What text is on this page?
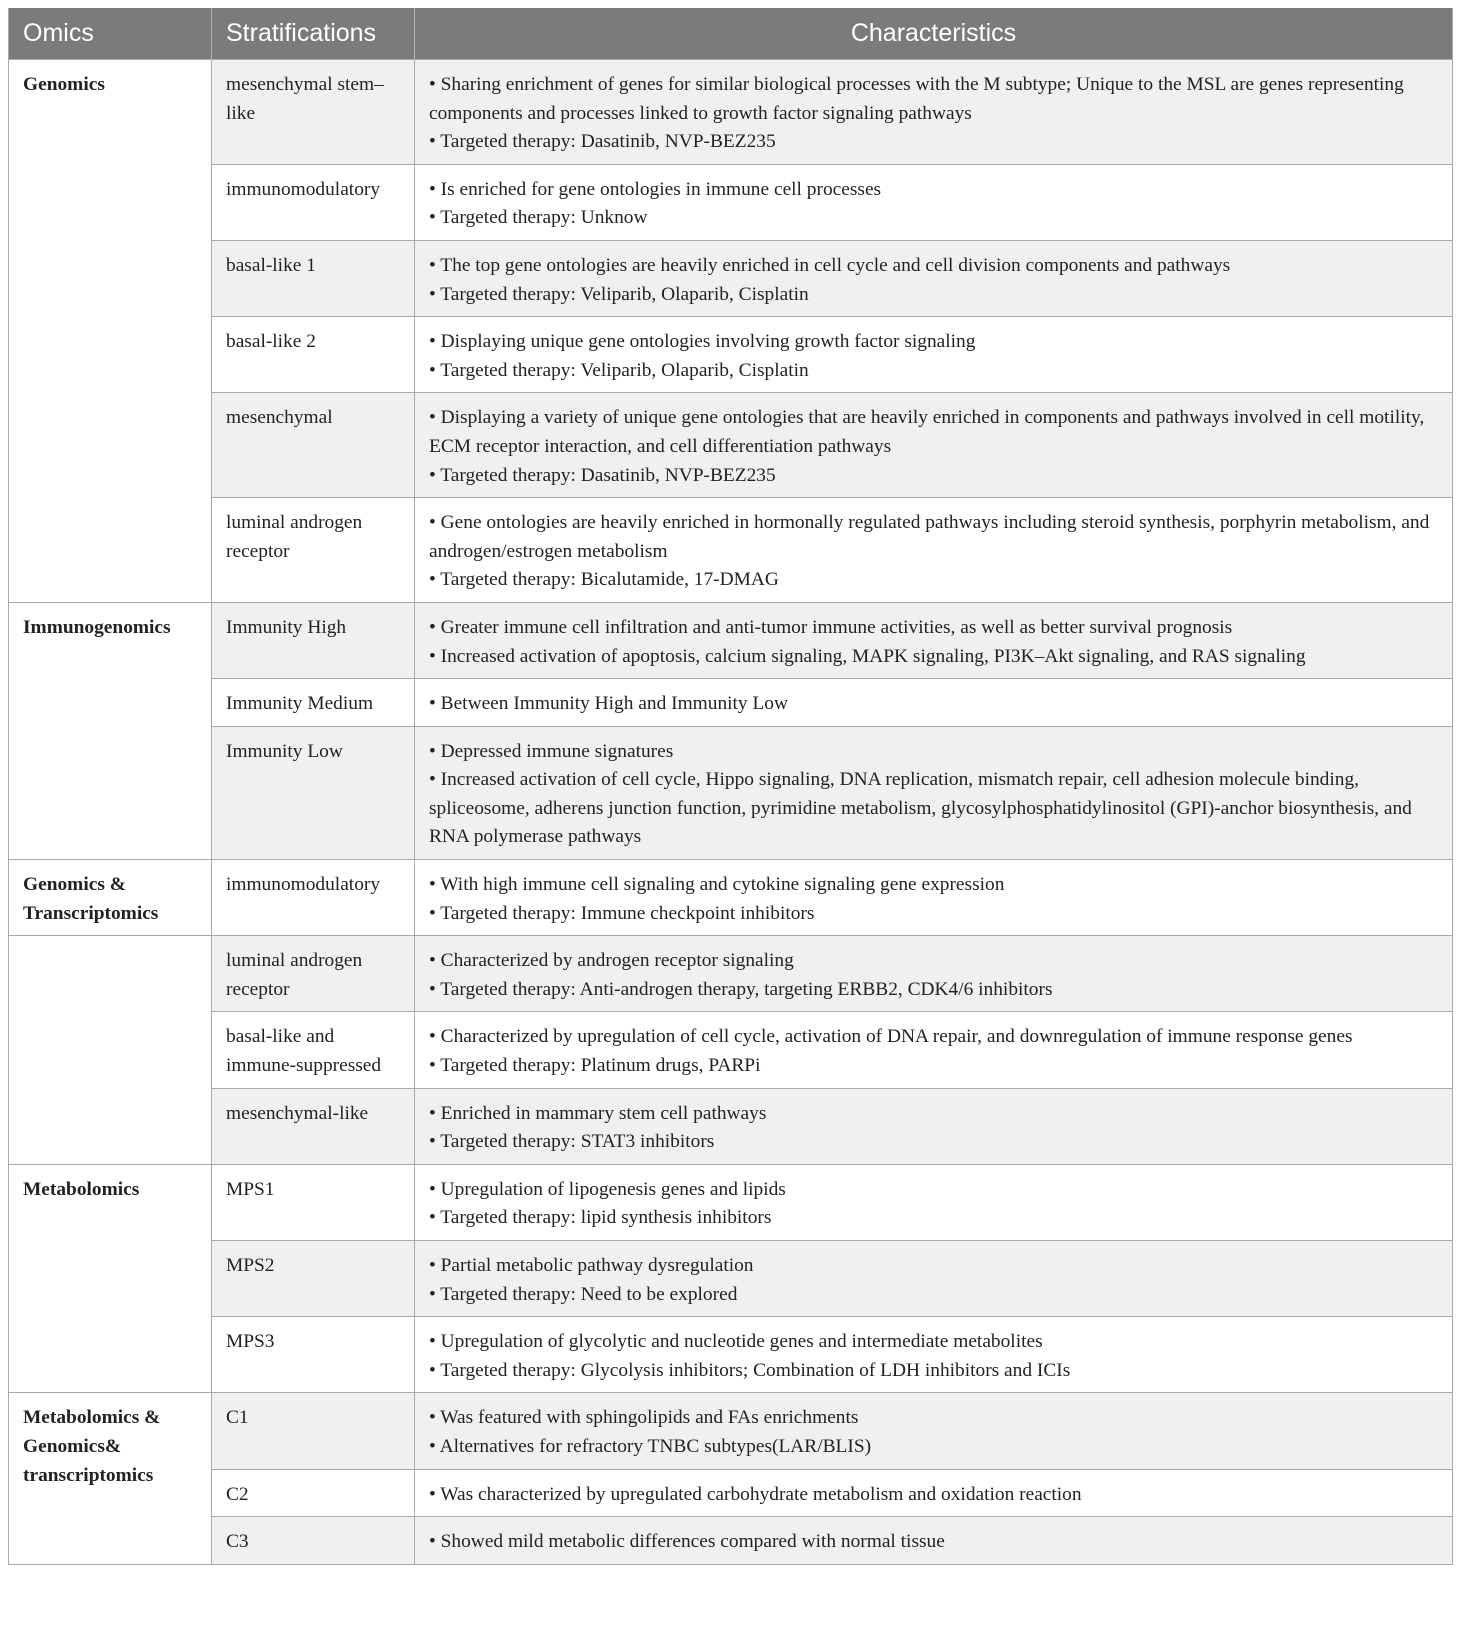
Omics	Stratifications	Characteristics
Genomics	mesenchymal stem–like	• Sharing enrichment of genes for similar biological processes with the M subtype; Unique to the MSL are genes representing components and processes linked to growth factor signaling pathways
• Targeted therapy: Dasatinib, NVP-BEZ235

	immunomodulatory	• Is enriched for gene ontologies in immune cell processes
• Targeted therapy: Unknow

	basal-like 1	• The top gene ontologies are heavily enriched in cell cycle and cell division components and pathways
• Targeted therapy: Veliparib, Olaparib, Cisplatin

	basal-like 2	• Displaying unique gene ontologies involving growth factor signaling
• Targeted therapy: Veliparib, Olaparib, Cisplatin

	mesenchymal	• Displaying a variety of unique gene ontologies that are heavily enriched in components and pathways involved in cell motility, ECM receptor interaction, and cell differentiation pathways
• Targeted therapy: Dasatinib, NVP-BEZ235

	luminal androgen receptor	• Gene ontologies are heavily enriched in hormonally regulated pathways including steroid synthesis, porphyrin metabolism, and androgen/estrogen metabolism
• Targeted therapy: Bicalutamide, 17-DMAG

Immunogenomics	Immunity High	• Greater immune cell infiltration and anti-tumor immune activities, as well as better survival prognosis
• Increased activation of apoptosis, calcium signaling, MAPK signaling, PI3K–Akt signaling, and RAS signaling

	Immunity Medium	• Between Immunity High and Immunity Low

	Immunity Low	• Depressed immune signatures
• Increased activation of cell cycle, Hippo signaling, DNA replication, mismatch repair, cell adhesion molecule binding, spliceosome, adherens junction function, pyrimidine metabolism, glycosylphosphatidylinositol (GPI)-anchor biosynthesis, and RNA polymerase pathways

Genomics & Transcriptomics	immunomodulatory	• With high immune cell signaling and cytokine signaling gene expression
• Targeted therapy: Immune checkpoint inhibitors

	luminal androgen receptor	• Characterized by androgen receptor signaling
• Targeted therapy: Anti-androgen therapy, targeting ERBB2, CDK4/6 inhibitors

	basal-like and immune-suppressed	• Characterized by upregulation of cell cycle, activation of DNA repair, and downregulation of immune response genes
• Targeted therapy: Platinum drugs, PARPi

	mesenchymal-like	• Enriched in mammary stem cell pathways
• Targeted therapy: STAT3 inhibitors

Metabolomics	MPS1	• Upregulation of lipogenesis genes and lipids
• Targeted therapy: lipid synthesis inhibitors

	MPS2	• Partial metabolic pathway dysregulation
• Targeted therapy: Need to be explored

	MPS3	• Upregulation of glycolytic and nucleotide genes and intermediate metabolites
• Targeted therapy: Glycolysis inhibitors; Combination of LDH inhibitors and ICIs

Metabolomics & Genomics& transcriptomics	C1	• Was featured with sphingolipids and FAs enrichments
• Alternatives for refractory TNBC subtypes(LAR/BLIS)

	C2	• Was characterized by upregulated carbohydrate metabolism and oxidation reaction

	C3	• Showed mild metabolic differences compared with normal tissue
